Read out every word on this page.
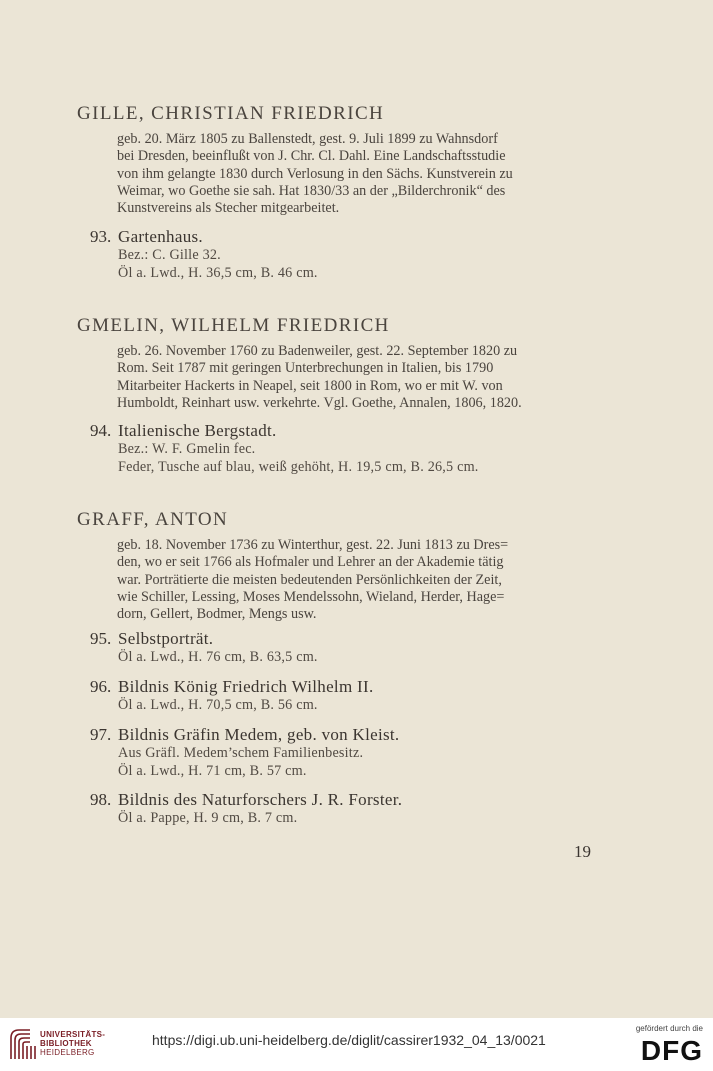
GILLE, CHRISTIAN FRIEDRICH
geb. 20. März 1805 zu Ballenstedt, gest. 9. Juli 1899 zu Wahnsdorf
bei Dresden, beeinflußt von J. Chr. Cl. Dahl. Eine Landschaftsstudie
von ihm gelangte 1830 durch Verlosung in den Sächs. Kunstverein zu
Weimar, wo Goethe sie sah. Hat 1830/33 an der „Bilderchronik“ des
Kunstvereins als Stecher mitgearbeitet.
93. Gartenhaus.
Bez.: C. Gille 32.
Öl a. Lwd., H. 36,5 cm, B. 46 cm.
GMELIN, WILHELM FRIEDRICH
geb. 26. November 1760 zu Badenweiler, gest. 22. September 1820 zu
Rom. Seit 1787 mit geringen Unterbrechungen in Italien, bis 1790
Mitarbeiter Hackerts in Neapel, seit 1800 in Rom, wo er mit W. von
Humboldt, Reinhart usw. verkehrte. Vgl. Goethe, Annalen, 1806, 1820.
94. Italienische Bergstadt.
Bez.: W. F. Gmelin fec.
Feder, Tusche auf blau, weiß gehöht, H. 19,5 cm, B. 26,5 cm.
GRAFF, ANTON
geb. 18. November 1736 zu Winterthur, gest. 22. Juni 1813 zu Dres=
den, wo er seit 1766 als Hofmaler und Lehrer an der Akademie tätig
war. Porträtierte die meisten bedeutenden Persönlichkeiten der Zeit,
wie Schiller, Lessing, Moses Mendelssohn, Wieland, Herder, Hage=
dorn, Gellert, Bodmer, Mengs usw.
95. Selbstporträt.
Öl a. Lwd., H. 76 cm, B. 63,5 cm.
96. Bildnis König Friedrich Wilhelm II.
Öl a. Lwd., H. 70,5 cm, B. 56 cm.
97. Bildnis Gräfin Medem, geb. von Kleist.
Aus Gräfl. Medem’schem Familienbesitz.
Öl a. Lwd., H. 71 cm, B. 57 cm.
98. Bildnis des Naturforschers J. R. Forster.
Öl a. Pappe, H. 9 cm, B. 7 cm.
19
UNIVERSITÄTS-
BIBLIOTHEK
HEIDELBERG
https://digi.ub.uni-heidelberg.de/diglit/cassirer1932_04_13/0021
gefördert durch die
DFG
